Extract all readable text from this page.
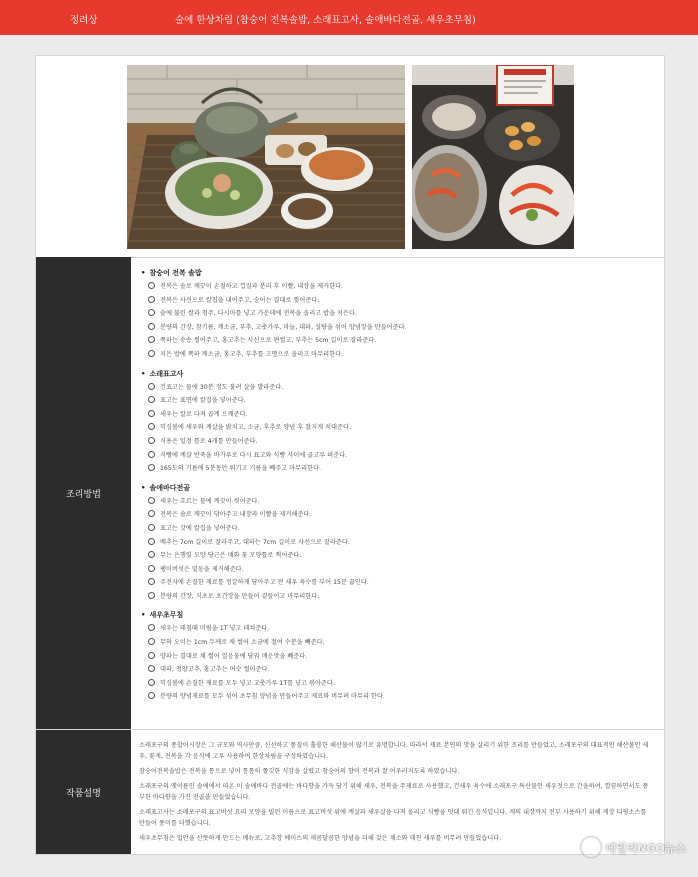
정려상	술에 한상차림 (참숭어 전복솔밥, 소래표고사, 솔애바다전골, 새우초무침)
조리방법
• 참숭어 전복 솔밥
전복은 솔로 깨끗이 손질하고 껍질과 분리 후 이빨, 내장을 제거한다.
전복은 사선으로 칼집을 내어주고, 숭어는 결대로 찢어준다.
솥에 불린 쌀과 청주, 다시마를 넣고 가운데에 전복을 올리고 밥을 지은다.
분량의 간장, 참기름, 깨소금, 부추, 고춧가루, 마늘, 대파, 설탕을 섞어 양념장을 만들어준다.
쪽파는 송송 썰어주고, 홍고추는 사선으로 편썰고, 부추는 5cm 길이로 잘라준다.
지은 밥에 쪽파 깨소금, 홍고추, 부추를 고명으로 올리고 마무리한다.
• 소래표고사
건표고는 물에 30분 정도 불려 살을 발라준다.
표고는 표면에 칼집을 넣어준다.
새우는 칼로 다져 곱게 으깨준다.
믹싱볼에 새우와 계살을 밝치고, 소금, 후추로 양념 후 찰지게 치대준다.
식용은 일정 틀로 4개를 만들어준다.
식빵에 계살 반죽을 바가루로 다시 표고와 식빵 사이에 골고루 펴준다.
165도의 기름에 5분동안 튀기고 기름을 빼주고 마무리한다.
• 솔애바다전골
새우는 흐르는 물에 깨끗이 씻어준다.
전복은 솔로 깨끗이 닦아주고 내장과 이빨을 제거해준다.
표고는 갓에 칼집을 넣어준다.
배추는 7cm 길이로 잘라주고, 대파는 7cm 길이로 사선으로 잘라준다.
무는 은행잎 모양 당근은 매화 꽃 모양틀로 찍어준다.
팽이버섯은 밑둥을 제거해준다.
주전자에 손질한 재료를 정갈하게 담아주고 전 새우 육수를 부어 15분 끓인다.
분량의 간장, 식초로 초간장을 만들어 곁들이고 마무리한다.
• 새우초무침
새우는 데침때 미림을 1T 넣고 데쳐준다.
무와 오이는 1cm 두께로 채 썰어 소금에 절여 수분을 빼준다.
양파는 결대로 채 썰어 얼음물에 담궈 매운맛을 빼준다.
대파, 청양고추, 홍고추는 어슷 썰어준다.
믹싱볼에 손질한 재료를 모두 넣고 고춧가루 1T를 넣고 볶아준다.
분량의 양념재료를 모두 섞어 초무침 양념을 만들어주고 재료와 버무려 마무리 한다.
작품설명

소래포구의 종합어시장은 그 규모와 역사만큼, 신선하고 품질이 훌륭한 해산물이 많기로 유명합니다. 따라서 재료 본연의 맛을 살리기 위한 조리를 만들었고, 소래포구의 대표적인 해산물인 새우, 꽃게, 전복을 각 음식에 고루 사용하여 한상차림을 구성하였습니다.

참숭어전복솔밥은 전복을 통으로 넣어 통통히 쫄깃한 식감을 살렸고 참숭어의 향이 전복과 잘 어우러지도록 하였습니다.

소래포구의 옛이름인 솔애에서 따온 이 솔애바다 전골에는 바다향을 가득 담기 위해 새우, 전복을 주재료로 사용했고, 건새우 육수에 소래포구 특산물인 새우젓으로 간을하여, 깔끔하면서도 풍부한 바다향을 가진 전골을 만들었습니다.

소래표고사는 소래포구의 표고버섯 요리 모양을 빌린 이름으로 표고버섯 위에 계살과 새우살을 다져 올리고 식빵을 덧대 튀긴 음식입니다. 게의 내장까지 전부 사용하기 위해 게장 디핑소스를 만들어 풍미를 더했습니다.

새우초무침은 입안을 산뜻하게 만드는 메뉴로, 고추장 베이스의 새콤달콤한 양념을 더해 갖은 채소와 데친 새우를 버무려 만들었습니다.

데일리NGO뉴스
